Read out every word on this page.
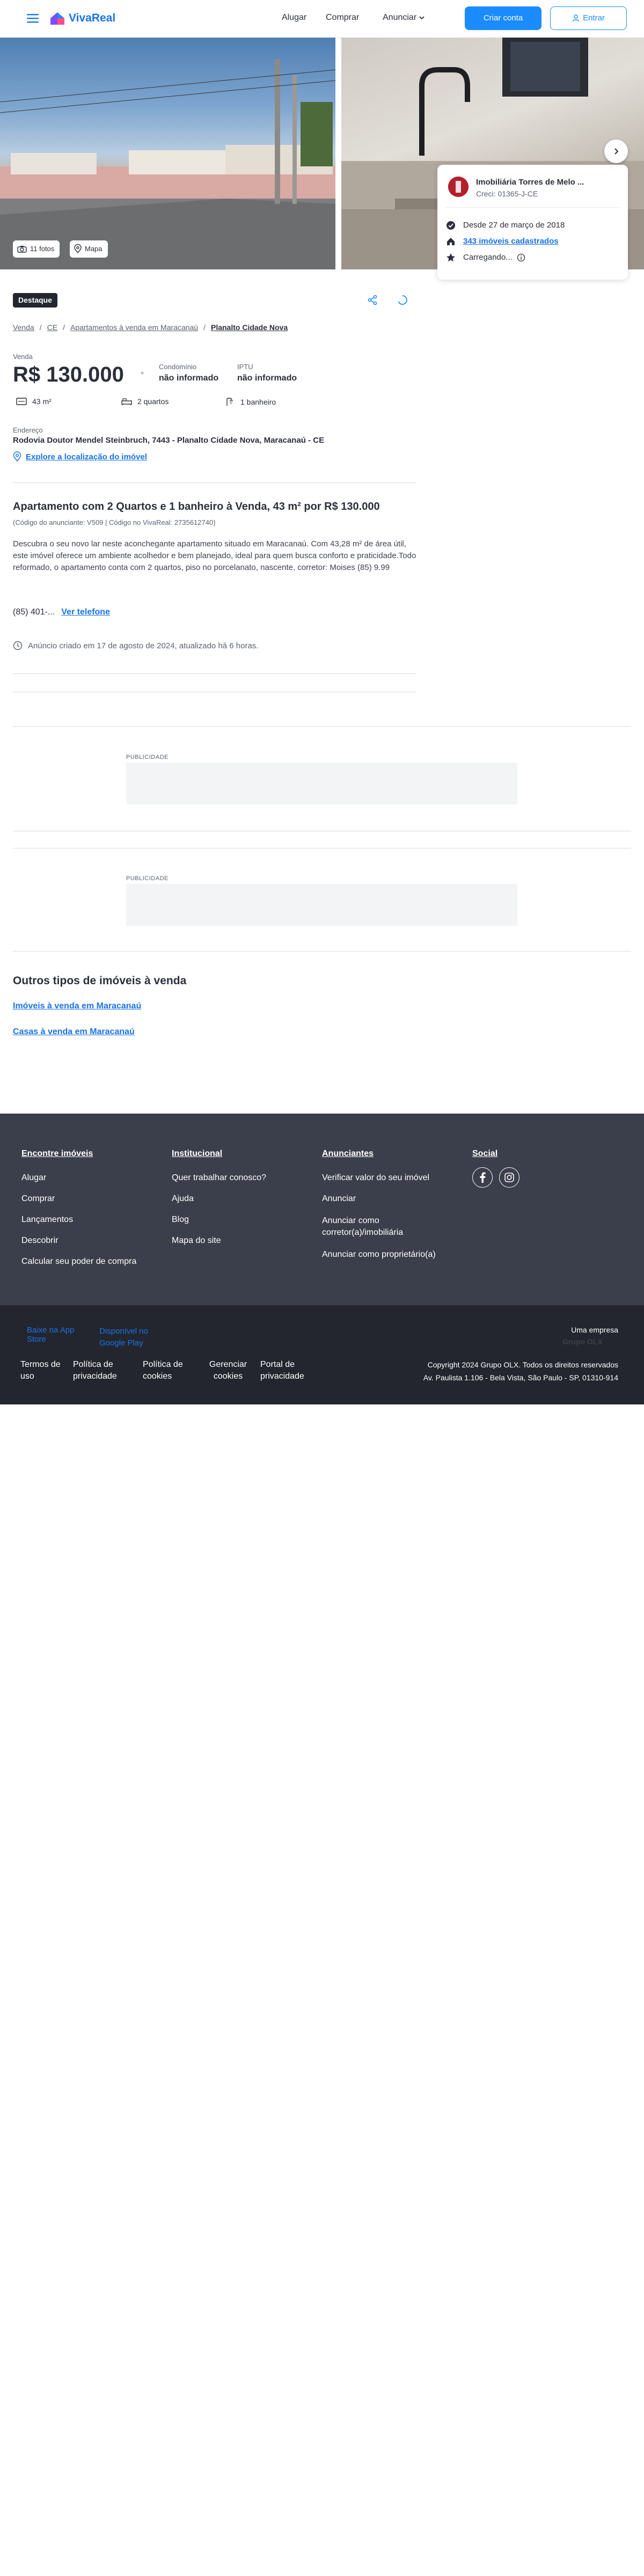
VivaReal	Alugar Comprar	Anunciar	Criar conta	Entrar
11 fotos	Mapa
Imobiliária Torres de Melo ...
Creci: 01365-J-CE
Desde 27 de março de 2018
343 imóveis cadastrados
Carregando...
Destaque
Venda / CE / Apartamentos à venda em Maracanaú / Planalto Cidade Nova
Venda
R$ 130.000	Condomínio
não informado
IPTU
não informado
43 m²	2 quartos	1 banheiro
Endereço
Rodovia Doutor Mendel Steinbruch, 7443 - Planalto Cidade Nova, Maracanaú - CE
Explore a localização do imóvel
Apartamento com 2 Quartos e 1 banheiro à Venda, 43 m² por R$ 130.000
(Código do anunciante: V509 | Código no VivaReal: 2735612740)
Descubra o seu novo lar neste aconchegante apartamento situado em Maracanaú. Com 43,28 m² de área útil, este imóvel oferece um ambiente acolhedor e bem planejado, ideal para quem busca conforto e praticidade.Todo reformado, o apartamento conta com 2 quartos, piso no porcelanato, nascente, corretor: Moises (85) 9.99
(85) 401-... Ver telefone
Anúncio criado em 17 de agosto de 2024, atualizado há 6 horas.
PUBLICIDADE
PUBLICIDADE
Outros tipos de imóveis à venda
Imóveis à venda em Maracanaú
Casas à venda em Maracanaú
Encontre imóveis
Alugar
Comprar
Lançamentos
Descobrir
Calcular seu poder de compra
Institucional
Quer trabalhar conosco?
Ajuda
Blog
Mapa do site
Anunciantes
Verificar valor do seu imóvel
Anunciar
Anunciar como corretor(a)/imobiliária
Anunciar como proprietário(a)
Social
Baixe na App Store
Disponível no Google Play
Termos de uso
Política de privacidade
Política de cookies
Gerenciar cookies
Portal de privacidade
Uma empresa
Grupo OLX
Copyright 2024 Grupo OLX. Todos os direitos reservados
Av. Paulista 1.106 - Bela Vista, São Paulo - SP, 01310-914
